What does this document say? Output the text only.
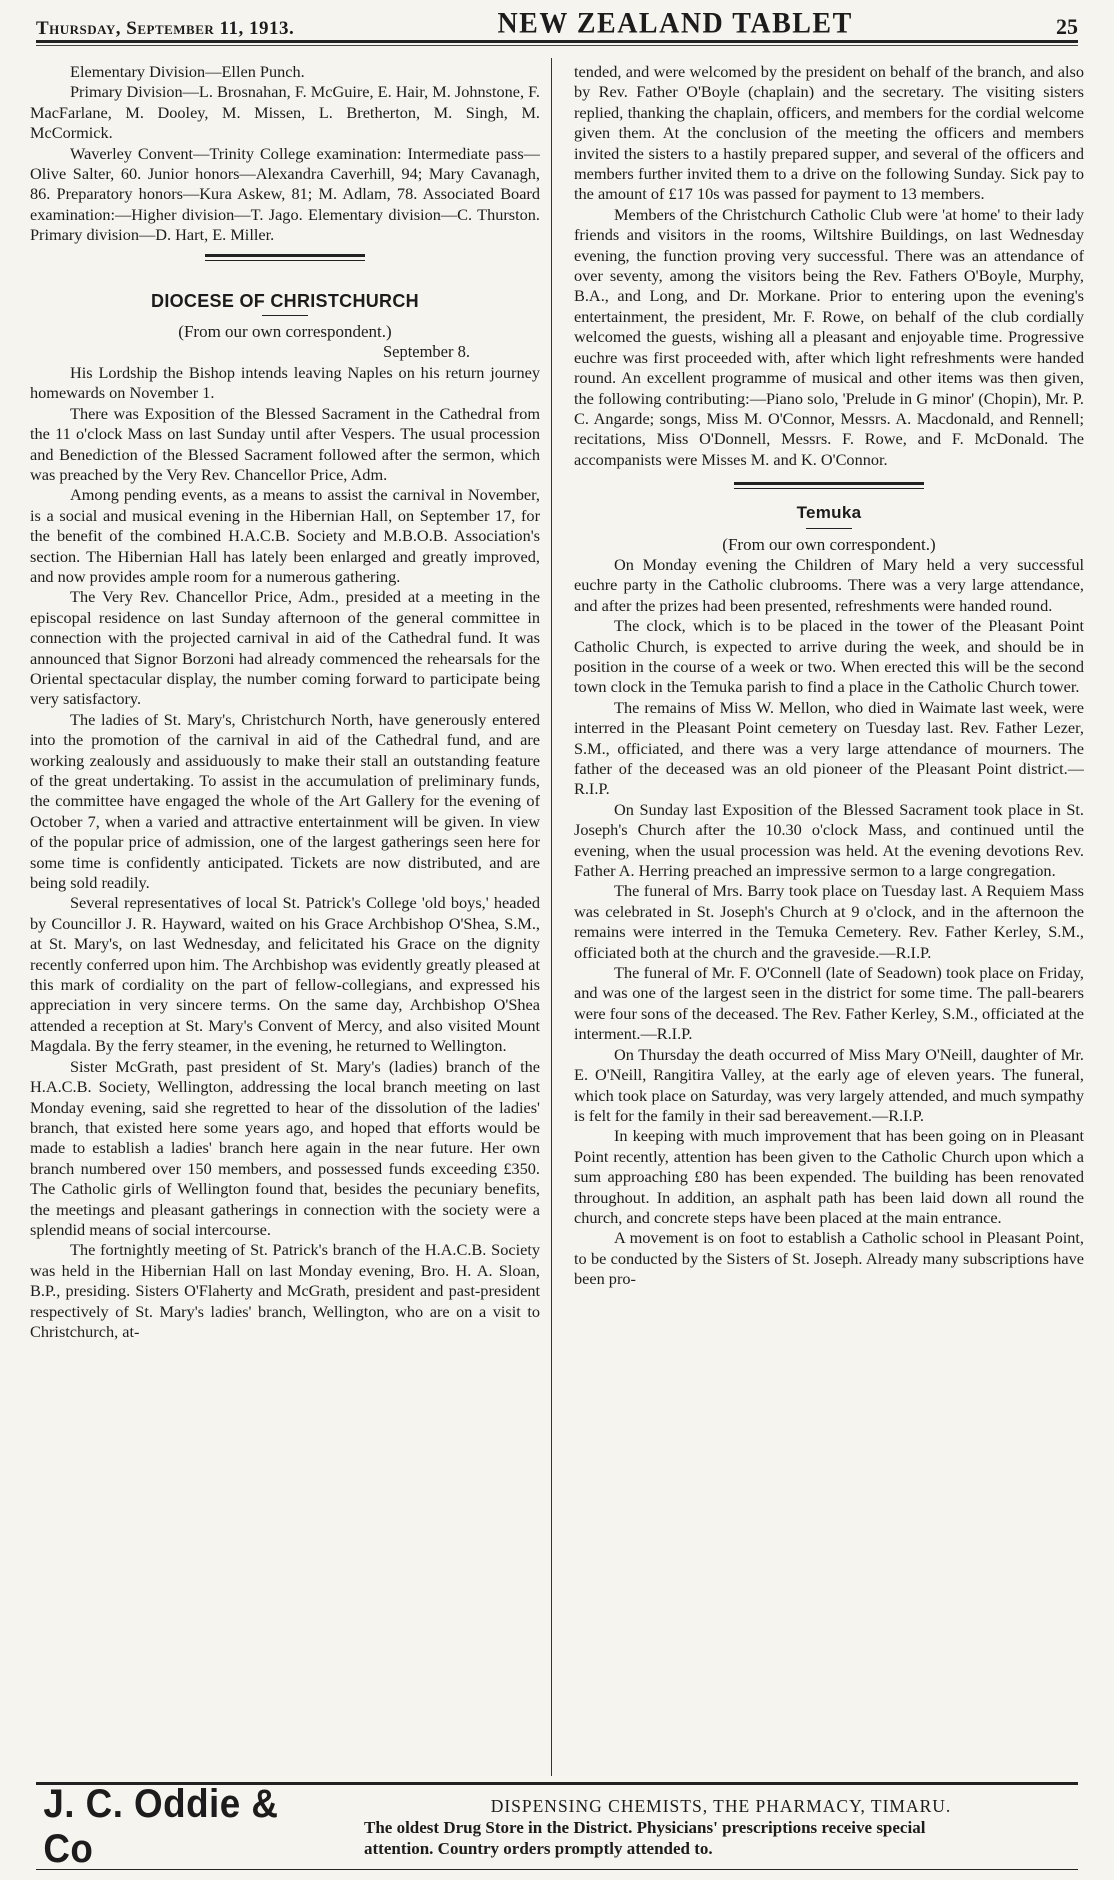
Thursday, September 11, 1913.	NEW ZEALAND TABLET	25

Elementary Division—Ellen Punch.

Primary Division—L. Brosnahan, F. McGuire, E. Hair, M. Johnstone, F. MacFarlane, M. Dooley, M. Missen, L. Bretherton, M. Singh, M. McCormick.

Waverley Convent—Trinity College examination: Intermediate pass—Olive Salter, 60. Junior honors—Alexandra Caverhill, 94; Mary Cavanagh, 86. Preparatory honors—Kura Askew, 81; M. Adlam, 78. Associated Board examination:—Higher division—T. Jago. Elementary division—C. Thurston. Primary division—D. Hart, E. Miller.

DIOCESE OF CHRISTCHURCH
(From our own correspondent.)
September 8.

His Lordship the Bishop intends leaving Naples on his return journey homewards on November 1.

There was Exposition of the Blessed Sacrament in the Cathedral from the 11 o'clock Mass on last Sunday until after Vespers. The usual procession and Benediction of the Blessed Sacrament followed after the sermon, which was preached by the Very Rev. Chancellor Price, Adm.

Among pending events, as a means to assist the carnival in November, is a social and musical evening in the Hibernian Hall, on September 17, for the benefit of the combined H.A.C.B. Society and M.B.O.B. Association's section. The Hibernian Hall has lately been enlarged and greatly improved, and now provides ample room for a numerous gathering.

The Very Rev. Chancellor Price, Adm., presided at a meeting in the episcopal residence on last Sunday afternoon of the general committee in connection with the projected carnival in aid of the Cathedral fund. It was announced that Signor Borzoni had already commenced the rehearsals for the Oriental spectacular display, the number coming forward to participate being very satisfactory.

The ladies of St. Mary's, Christchurch North, have generously entered into the promotion of the carnival in aid of the Cathedral fund, and are working zealously and assiduously to make their stall an outstanding feature of the great undertaking. To assist in the accumulation of preliminary funds, the committee have engaged the whole of the Art Gallery for the evening of October 7, when a varied and attractive entertainment will be given. In view of the popular price of admission, one of the largest gatherings seen here for some time is confidently anticipated. Tickets are now distributed, and are being sold readily.

Several representatives of local St. Patrick's College 'old boys,' headed by Councillor J. R. Hayward, waited on his Grace Archbishop O'Shea, S.M., at St. Mary's, on last Wednesday, and felicitated his Grace on the dignity recently conferred upon him. The Archbishop was evidently greatly pleased at this mark of cordiality on the part of fellow-collegians, and expressed his appreciation in very sincere terms. On the same day, Archbishop O'Shea attended a reception at St. Mary's Convent of Mercy, and also visited Mount Magdala. By the ferry steamer, in the evening, he returned to Wellington.

Sister McGrath, past president of St. Mary's (ladies) branch of the H.A.C.B. Society, Wellington, addressing the local branch meeting on last Monday evening, said she regretted to hear of the dissolution of the ladies' branch, that existed here some years ago, and hoped that efforts would be made to establish a ladies' branch here again in the near future. Her own branch numbered over 150 members, and possessed funds exceeding £350. The Catholic girls of Wellington found that, besides the pecuniary benefits, the meetings and pleasant gatherings in connection with the society were a splendid means of social intercourse.

The fortnightly meeting of St. Patrick's branch of the H.A.C.B. Society was held in the Hibernian Hall on last Monday evening, Bro. H. A. Sloan, B.P., presiding. Sisters O'Flaherty and McGrath, president and past-president respectively of St. Mary's ladies' branch, Wellington, who are on a visit to Christchurch, at-

tended, and were welcomed by the president on behalf of the branch, and also by Rev. Father O'Boyle (chaplain) and the secretary. The visiting sisters replied, thanking the chaplain, officers, and members for the cordial welcome given them. At the conclusion of the meeting the officers and members invited the sisters to a hastily prepared supper, and several of the officers and members further invited them to a drive on the following Sunday. Sick pay to the amount of £17 10s was passed for payment to 13 members.

Members of the Christchurch Catholic Club were 'at home' to their lady friends and visitors in the rooms, Wiltshire Buildings, on last Wednesday evening, the function proving very successful. There was an attendance of over seventy, among the visitors being the Rev. Fathers O'Boyle, Murphy, B.A., and Long, and Dr. Morkane. Prior to entering upon the evening's entertainment, the president, Mr. F. Rowe, on behalf of the club cordially welcomed the guests, wishing all a pleasant and enjoyable time. Progressive euchre was first proceeded with, after which light refreshments were handed round. An excellent programme of musical and other items was then given, the following contributing:—Piano solo, 'Prelude in G minor' (Chopin), Mr. P. C. Angarde; songs, Miss M. O'Connor, Messrs. A. Macdonald, and Rennell; recitations, Miss O'Donnell, Messrs. F. Rowe, and F. McDonald. The accompanists were Misses M. and K. O'Connor.

Temuka
(From our own correspondent.)

On Monday evening the Children of Mary held a very successful euchre party in the Catholic clubrooms. There was a very large attendance, and after the prizes had been presented, refreshments were handed round.

The clock, which is to be placed in the tower of the Pleasant Point Catholic Church, is expected to arrive during the week, and should be in position in the course of a week or two. When erected this will be the second town clock in the Temuka parish to find a place in the Catholic Church tower.

The remains of Miss W. Mellon, who died in Waimate last week, were interred in the Pleasant Point cemetery on Tuesday last. Rev. Father Lezer, S.M., officiated, and there was a very large attendance of mourners. The father of the deceased was an old pioneer of the Pleasant Point district.—R.I.P.

On Sunday last Exposition of the Blessed Sacrament took place in St. Joseph's Church after the 10.30 o'clock Mass, and continued until the evening, when the usual procession was held. At the evening devotions Rev. Father A. Herring preached an impressive sermon to a large congregation.

The funeral of Mrs. Barry took place on Tuesday last. A Requiem Mass was celebrated in St. Joseph's Church at 9 o'clock, and in the afternoon the remains were interred in the Temuka Cemetery. Rev. Father Kerley, S.M., officiated both at the church and the graveside.—R.I.P.

The funeral of Mr. F. O'Connell (late of Seadown) took place on Friday, and was one of the largest seen in the district for some time. The pall-bearers were four sons of the deceased. The Rev. Father Kerley, S.M., officiated at the interment.—R.I.P.

On Thursday the death occurred of Miss Mary O'Neill, daughter of Mr. E. O'Neill, Rangitira Valley, at the early age of eleven years. The funeral, which took place on Saturday, was very largely attended, and much sympathy is felt for the family in their sad bereavement.—R.I.P.

In keeping with much improvement that has been going on in Pleasant Point recently, attention has been given to the Catholic Church upon which a sum approaching £80 has been expended. The building has been renovated throughout. In addition, an asphalt path has been laid down all round the church, and concrete steps have been placed at the main entrance.

A movement is on foot to establish a Catholic school in Pleasant Point, to be conducted by the Sisters of St. Joseph. Already many subscriptions have been pro-

J. C. Oddie & Co
DISPENSING CHEMISTS, THE PHARMACY, TIMARU.
The oldest Drug Store in the District. Physicians' prescriptions receive special
attention. Country orders promptly attended to.
